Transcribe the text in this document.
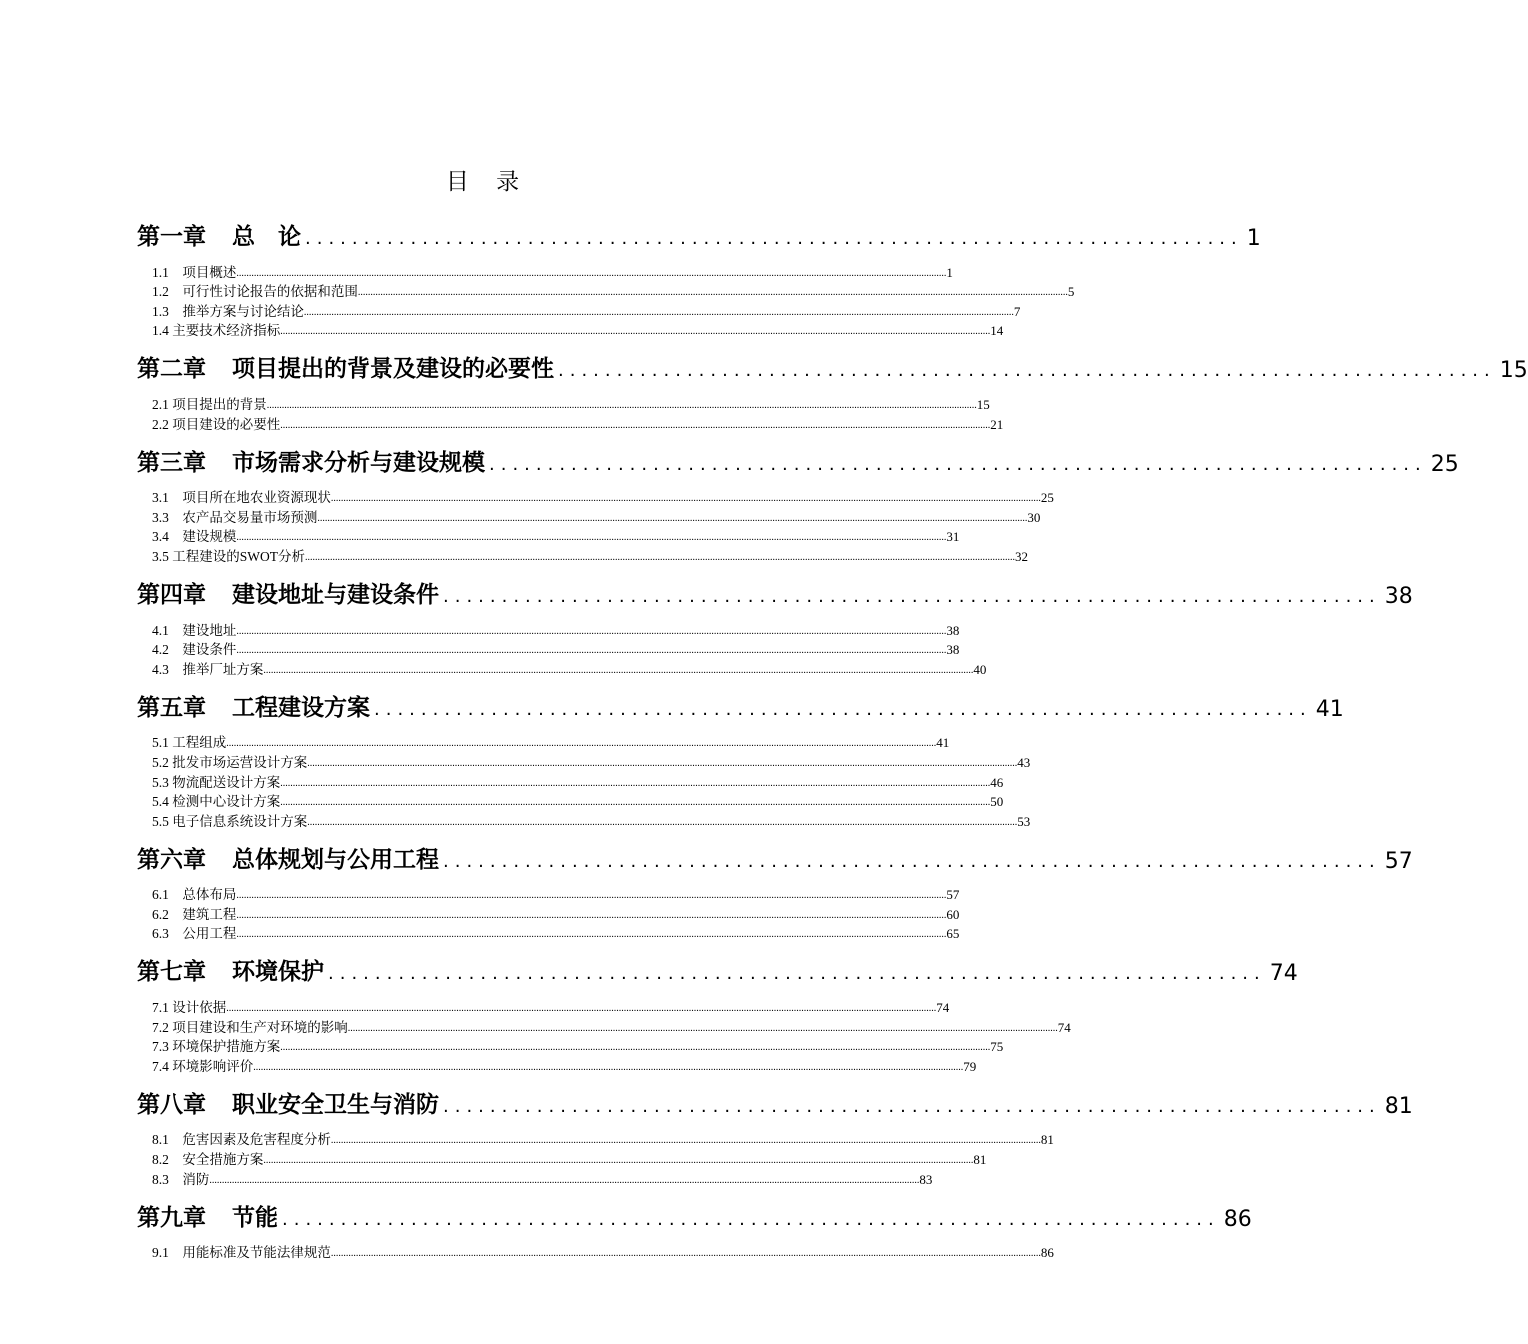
目 录
第一章 总　论 ................................................................................ 1
1.1　 项目概述 ............................................................................................................................................................................................................................................................................................ 1
1.2　 可行性讨论报告的依据和范围 ............................................................................................................................................................................................................................................................................................ 5
1.3　 推举方案与讨论结论 ............................................................................................................................................................................................................................................................................................ 7
1.4 主要技术经济指标 ............................................................................................................................................................................................................................................................................................ 14
第二章 项目提出的背景及建设的必要性 ................................................................................ 15
2.1 项目提出的背景 ............................................................................................................................................................................................................................................................................................ 15
2.2 项目建设的必要性 ............................................................................................................................................................................................................................................................................................ 21
第三章 市场需求分析与建设规模 ................................................................................ 25
3.1　 项目所在地农业资源现状 ............................................................................................................................................................................................................................................................................................ 25
3.3　 农产品交易量市场预测 ............................................................................................................................................................................................................................................................................................ 30
3.4　 建设规模 ............................................................................................................................................................................................................................................................................................ 31
3.5 工程建设的SWOT分析 ............................................................................................................................................................................................................................................................................................ 32
第四章 建设地址与建设条件 ................................................................................ 38
4.1　 建设地址 ............................................................................................................................................................................................................................................................................................ 38
4.2　 建设条件 ............................................................................................................................................................................................................................................................................................ 38
4.3　 推举厂址方案 ............................................................................................................................................................................................................................................................................................ 40
第五章 工程建设方案 ................................................................................ 41
5.1 工程组成 ............................................................................................................................................................................................................................................................................................ 41
5.2 批发市场运营设计方案 ............................................................................................................................................................................................................................................................................................ 43
5.3 物流配送设计方案 ............................................................................................................................................................................................................................................................................................ 46
5.4 检测中心设计方案 ............................................................................................................................................................................................................................................................................................ 50
5.5 电子信息系统设计方案 ............................................................................................................................................................................................................................................................................................ 53
第六章 总体规划与公用工程 ................................................................................ 57
6.1　 总体布局 ............................................................................................................................................................................................................................................................................................ 57
6.2　 建筑工程 ............................................................................................................................................................................................................................................................................................ 60
6.3　 公用工程 ............................................................................................................................................................................................................................................................................................ 65
第七章 环境保护 ................................................................................ 74
7.1 设计依据 ............................................................................................................................................................................................................................................................................................ 74
7.2 项目建设和生产对环境的影响 ............................................................................................................................................................................................................................................................................................ 74
7.3 环境保护措施方案 ............................................................................................................................................................................................................................................................................................ 75
7.4 环境影响评价 ............................................................................................................................................................................................................................................................................................ 79
第八章 职业安全卫生与消防 ................................................................................ 81
8.1　 危害因素及危害程度分析 ............................................................................................................................................................................................................................................................................................ 81
8.2　 安全措施方案 ............................................................................................................................................................................................................................................................................................ 81
8.3　 消防 ............................................................................................................................................................................................................................................................................................ 83
第九章 节能 ................................................................................ 86
9.1　 用能标准及节能法律规范 ............................................................................................................................................................................................................................................................................................ 86
